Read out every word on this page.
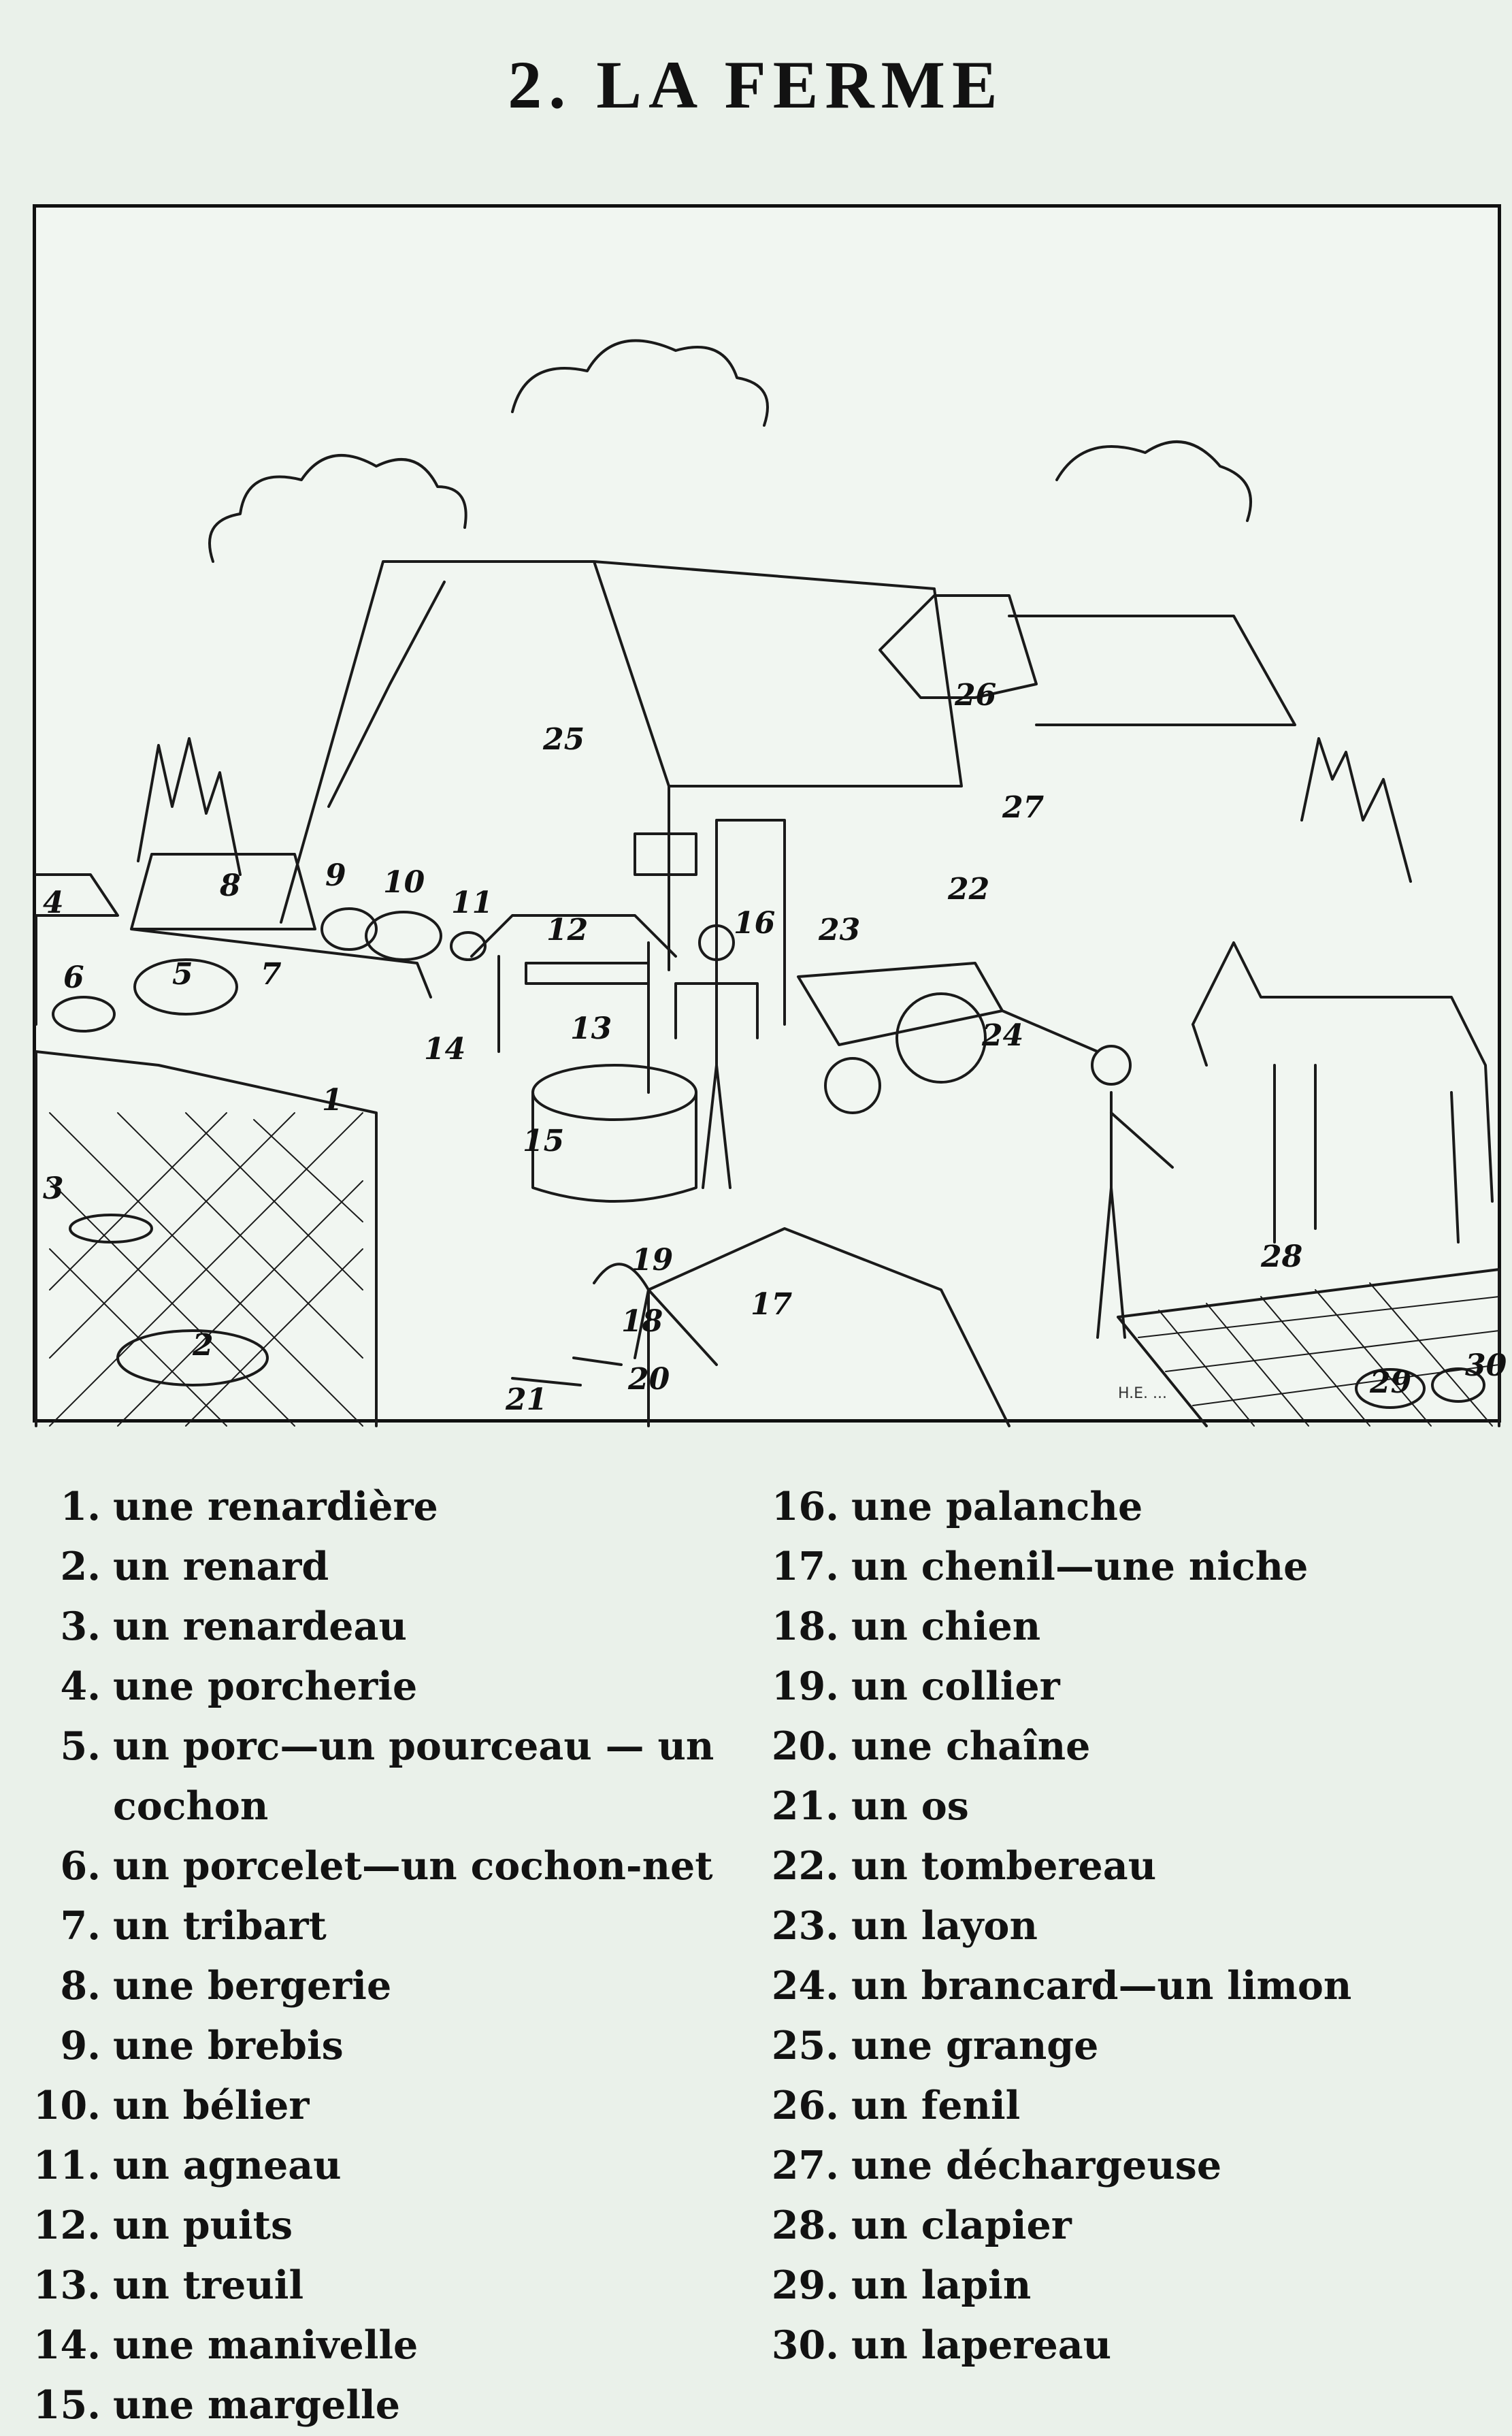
2. LA FERME
1
2
3
4
5
6	7
8	9 10
11
12
13
14
15
16
17
18
19
20
21
22
23
24
25
26
27
28
29 30
H.E. ...
1. une renardière
2. un renard
3. un renardeau
4. une porcherie
5. un porc—un pourceau — un cochon
6. un porcelet—un cochon-net
7. un tribart
8. une bergerie
9. une brebis
10. un bélier
11. un agneau
12. un puits
13. un treuil
14. une manivelle
15. une margelle
16. une palanche
17. un chenil—une niche
18. un chien
19. un collier
20. une chaîne
21. un os
22. un tombereau
23. un layon
24. un brancard—un limon
25. une grange
26. un fenil
27. une déchargeuse
28. un clapier
29. un lapin
30. un lapereau
